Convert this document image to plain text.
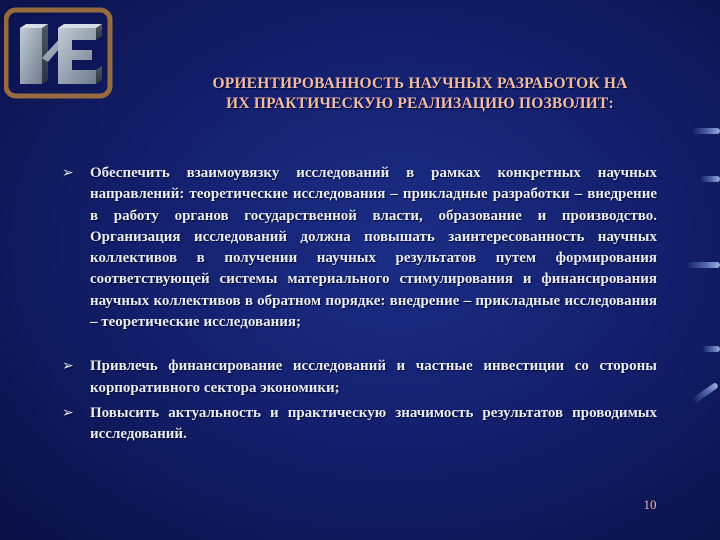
ОРИЕНТИРОВАННОСТЬ НАУЧНЫХ РАЗРАБОТОК НА
ИХ ПРАКТИЧЕСКУЮ РЕАЛИЗАЦИЮ ПОЗВОЛИТ:
➢	Обеспечить взаимоувязку исследований в рамках конкретных научных направлений: теоретические исследования – прикладные разработки – внедрение в работу органов государственной власти, образование и производство. Организация исследований должна повышать заинтересованность научных коллективов в получении научных результатов путем формирования соответствующей системы материального стимулирования и финансирования научных коллективов в обратном порядке: внедрение – прикладные исследования – теоретические исследования;
➢	Привлечь финансирование исследований и частные инвестиции со стороны корпоративного сектора экономики;
➢	Повысить актуальность и практическую значимость результатов проводимых исследований.
10
